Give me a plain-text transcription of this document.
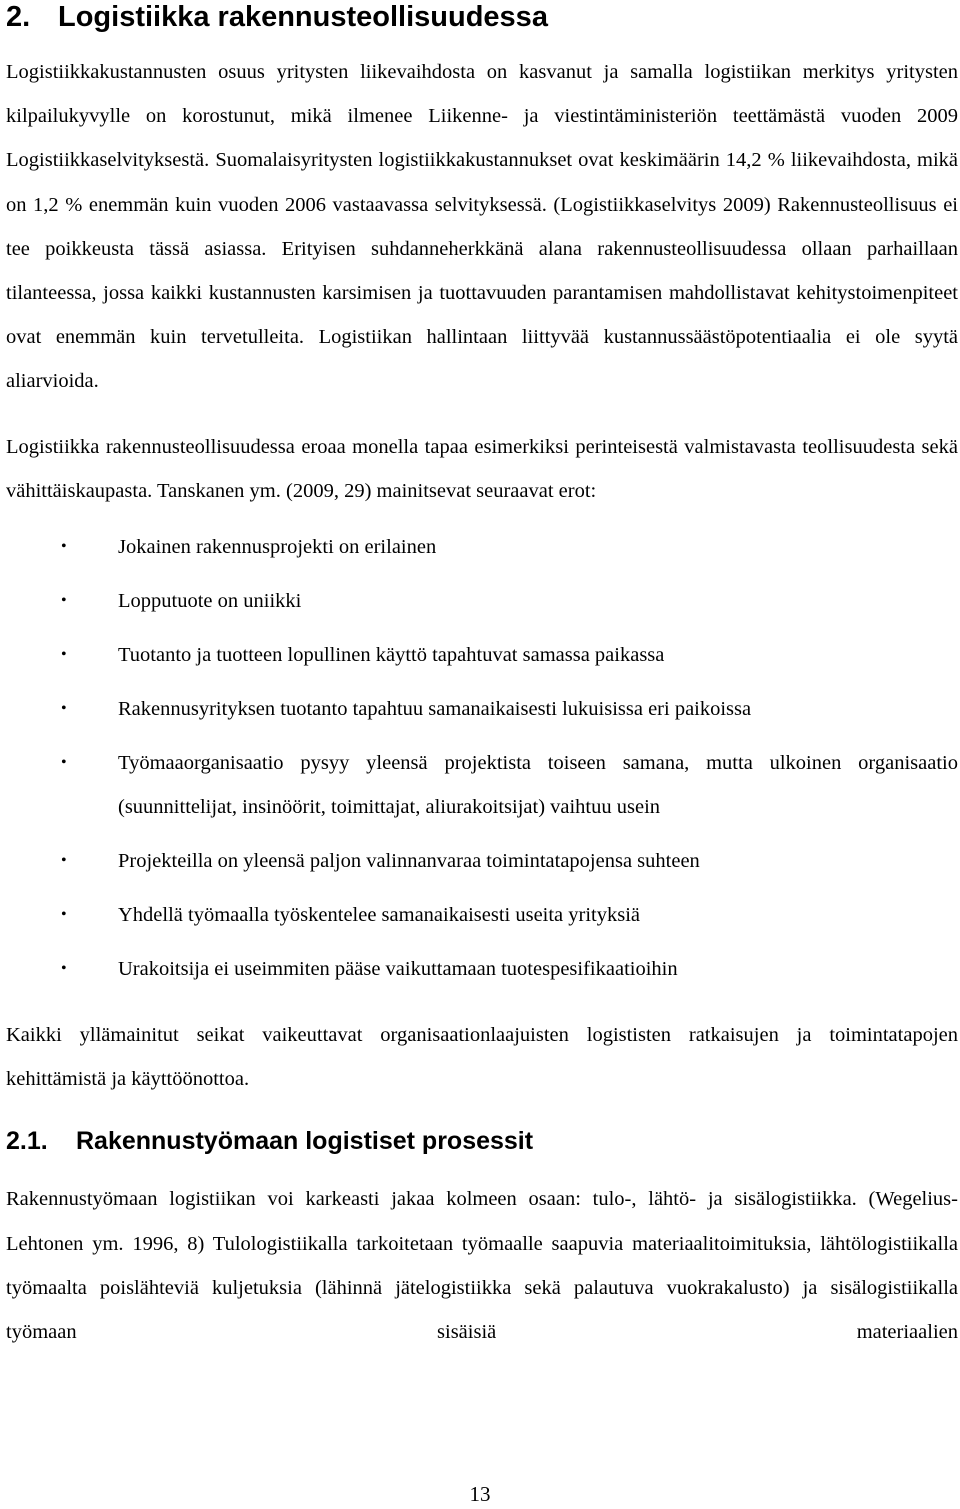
2. Logistiikka rakennusteollisuudessa

Logistiikkakustannusten osuus yritysten liikevaihdosta on kasvanut ja samalla logistiikan merkitys yritysten kilpailukyvylle on korostunut, mikä ilmenee Liikenne- ja viestintäministeriön teettämästä vuoden 2009 Logistiikkaselvityksestä. Suomalaisyritysten logistiikkakustannukset ovat keskimäärin 14,2 % liikevaihdosta, mikä on 1,2 % enemmän kuin vuoden 2006 vastaavassa selvityksessä. (Logistiikkaselvitys 2009) Rakennusteollisuus ei tee poikkeusta tässä asiassa. Erityisen suhdanneherkkänä alana rakennusteollisuudessa ollaan parhaillaan tilanteessa, jossa kaikki kustannusten karsimisen ja tuottavuuden parantamisen mahdollistavat kehitystoimenpiteet ovat enemmän kuin tervetulleita. Logistiikan hallintaan liittyvää kustannussäästöpotentiaalia ei ole syytä aliarvioida.

Logistiikka rakennusteollisuudessa eroaa monella tapaa esimerkiksi perinteisestä valmistavasta teollisuudesta sekä vähittäiskaupasta. Tanskanen ym. (2009, 29) mainitsevat seuraavat erot:

•	Jokainen rakennusprojekti on erilainen
•	Lopputuote on uniikki
•	Tuotanto ja tuotteen lopullinen käyttö tapahtuvat samassa paikassa
•	Rakennusyrityksen tuotanto tapahtuu samanaikaisesti lukuisissa eri paikoissa
•	Työmaaorganisaatio pysyy yleensä projektista toiseen samana, mutta ulkoinen organisaatio (suunnittelijat, insinöörit, toimittajat, aliurakoitsijat) vaihtuu usein
•	Projekteilla on yleensä paljon valinnanvaraa toimintatapojensa suhteen
•	Yhdellä työmaalla työskentelee samanaikaisesti useita yrityksiä
•	Urakoitsija ei useimmiten pääse vaikuttamaan tuotespesifikaatioihin

Kaikki yllämainitut seikat vaikeuttavat organisaationlaajuisten logististen ratkaisujen ja toimintatapojen kehittämistä ja käyttöönottoa.

2.1. Rakennustyömaan logistiset prosessit

Rakennustyömaan logistiikan voi karkeasti jakaa kolmeen osaan: tulo-, lähtö- ja sisälogistiikka. (Wegelius-Lehtonen ym. 1996, 8) Tulologistiikalla tarkoitetaan työmaalle saapuvia materiaalitoimituksia, lähtölogistiikalla työmaalta poislähteviä kuljetuksia (lähinnä jätelogistiikka sekä palautuva vuokrakalusto) ja sisälogistiikalla työmaan sisäisiä materiaalien

13
